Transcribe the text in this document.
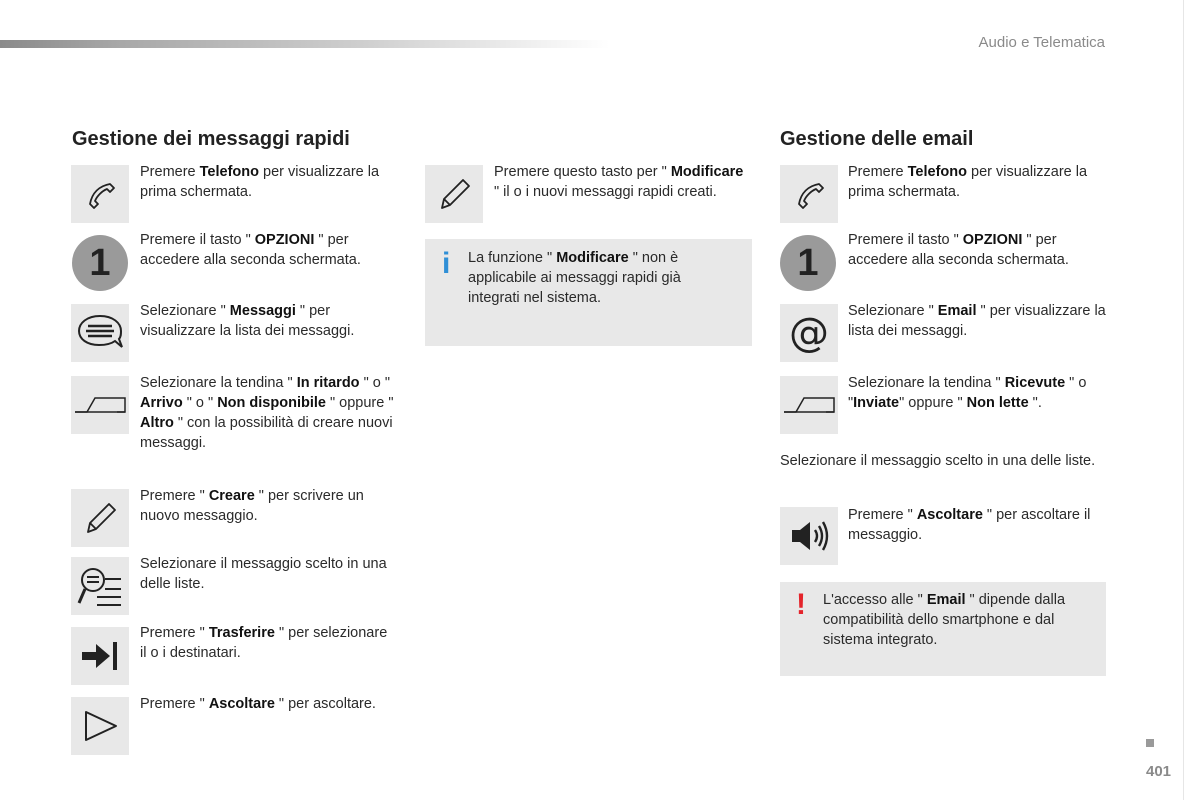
Audio e Telematica
401
Gestione dei messaggi rapidi
Premere Telefono per visualizzare la prima schermata.
1
Premere il tasto " OPZIONI " per accedere alla seconda schermata.
Selezionare " Messaggi " per visualizzare la lista dei messaggi.
Selezionare la tendina " In ritardo " o " Arrivo " o " Non disponibile " oppure " Altro " con la possibilità di creare nuovi messaggi.
Premere " Creare " per scrivere un nuovo messaggio.
Selezionare il messaggio scelto in una delle liste.
Premere " Trasferire " per selezionare il o i destinatari.
Premere " Ascoltare " per ascoltare.
Premere questo tasto per " Modificare " il o i nuovi messaggi rapidi creati.
i La funzione " Modificare " non è applicabile ai messaggi rapidi già integrati nel sistema.
Gestione delle email
Premere Telefono per visualizzare la prima schermata.
1
Premere il tasto " OPZIONI " per accedere alla seconda schermata.
@ Selezionare " Email " per visualizzare la lista dei messaggi.
Selezionare la tendina " Ricevute " o "Inviate" oppure " Non lette ".
Selezionare il messaggio scelto in una delle liste.
Premere " Ascoltare " per ascoltare il messaggio.
! L'accesso alle " Email " dipende dalla compatibilità dello smartphone e dal sistema integrato.
